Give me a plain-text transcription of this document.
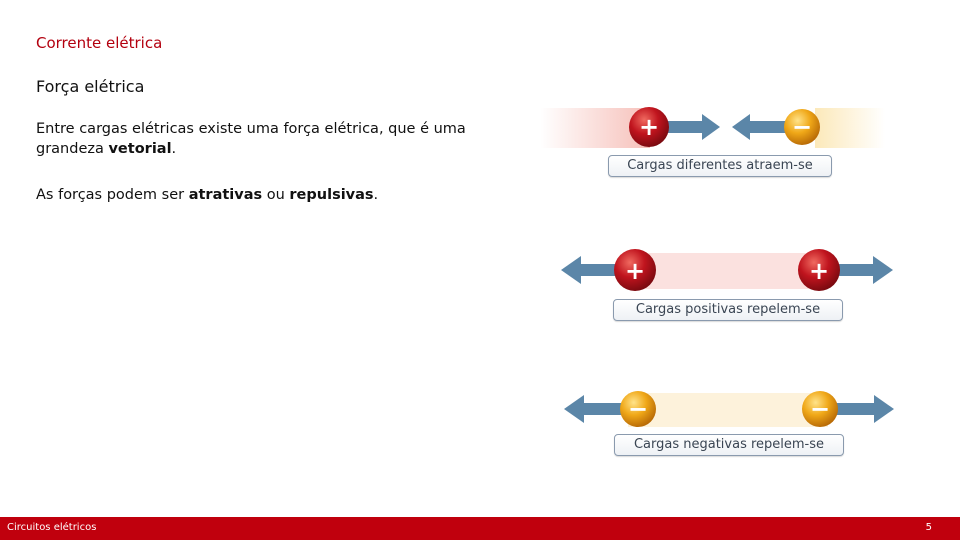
Corrente elétrica
Força elétrica
Entre cargas elétricas existe uma força elétrica, que é uma grandeza vetorial.
As forças podem ser atrativas ou repulsivas.
+	−
Cargas diferentes atraem-se
+	+
Cargas positivas repelem-se
−	−
Cargas negativas repelem-se
Circuitos elétricos	5
